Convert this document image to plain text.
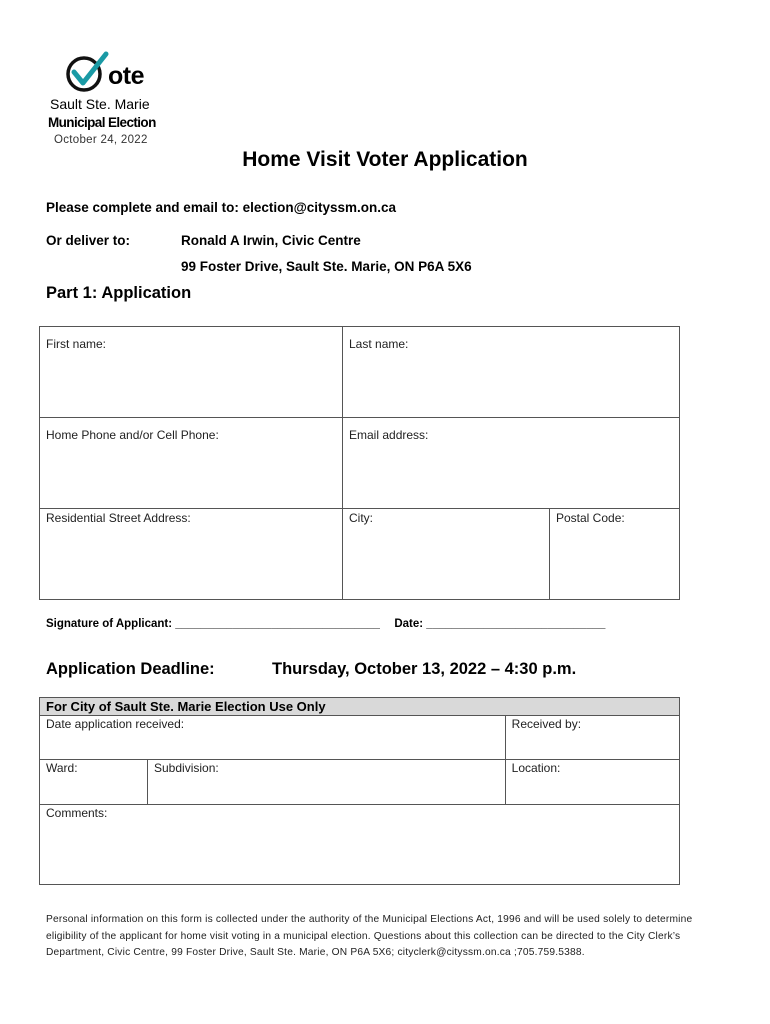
ote
Sault Ste. Marie
Municipal Election
October 24, 2022
Home Visit Voter Application
Please complete and email to: election@cityssm.on.ca
Or deliver to:	Ronald A Irwin, Civic Centre
99 Foster Drive, Sault Ste. Marie, ON P6A 5X6
Part 1: Application
First name:	Last name:	
Home Phone and/or Cell Phone:	Email address:	
Residential Street Address:	City:	Postal Code:
Signature of Applicant: ________________________________ Date: ____________________________
Application Deadline:	Thursday, October 13, 2022 – 4:30 p.m.
For City of Sault Ste. Marie Election Use Only		
Date application received:		Received by:
Ward:	Subdivision:	Location:
Comments:		
Personal information on this form is collected under the authority of the Municipal Elections Act, 1996 and will be used solely to determine eligibility of the applicant for home visit voting in a municipal election. Questions about this collection can be directed to the City Clerk’s Department, Civic Centre, 99 Foster Drive, Sault Ste. Marie, ON P6A 5X6; cityclerk@cityssm.on.ca ;705.759.5388.
